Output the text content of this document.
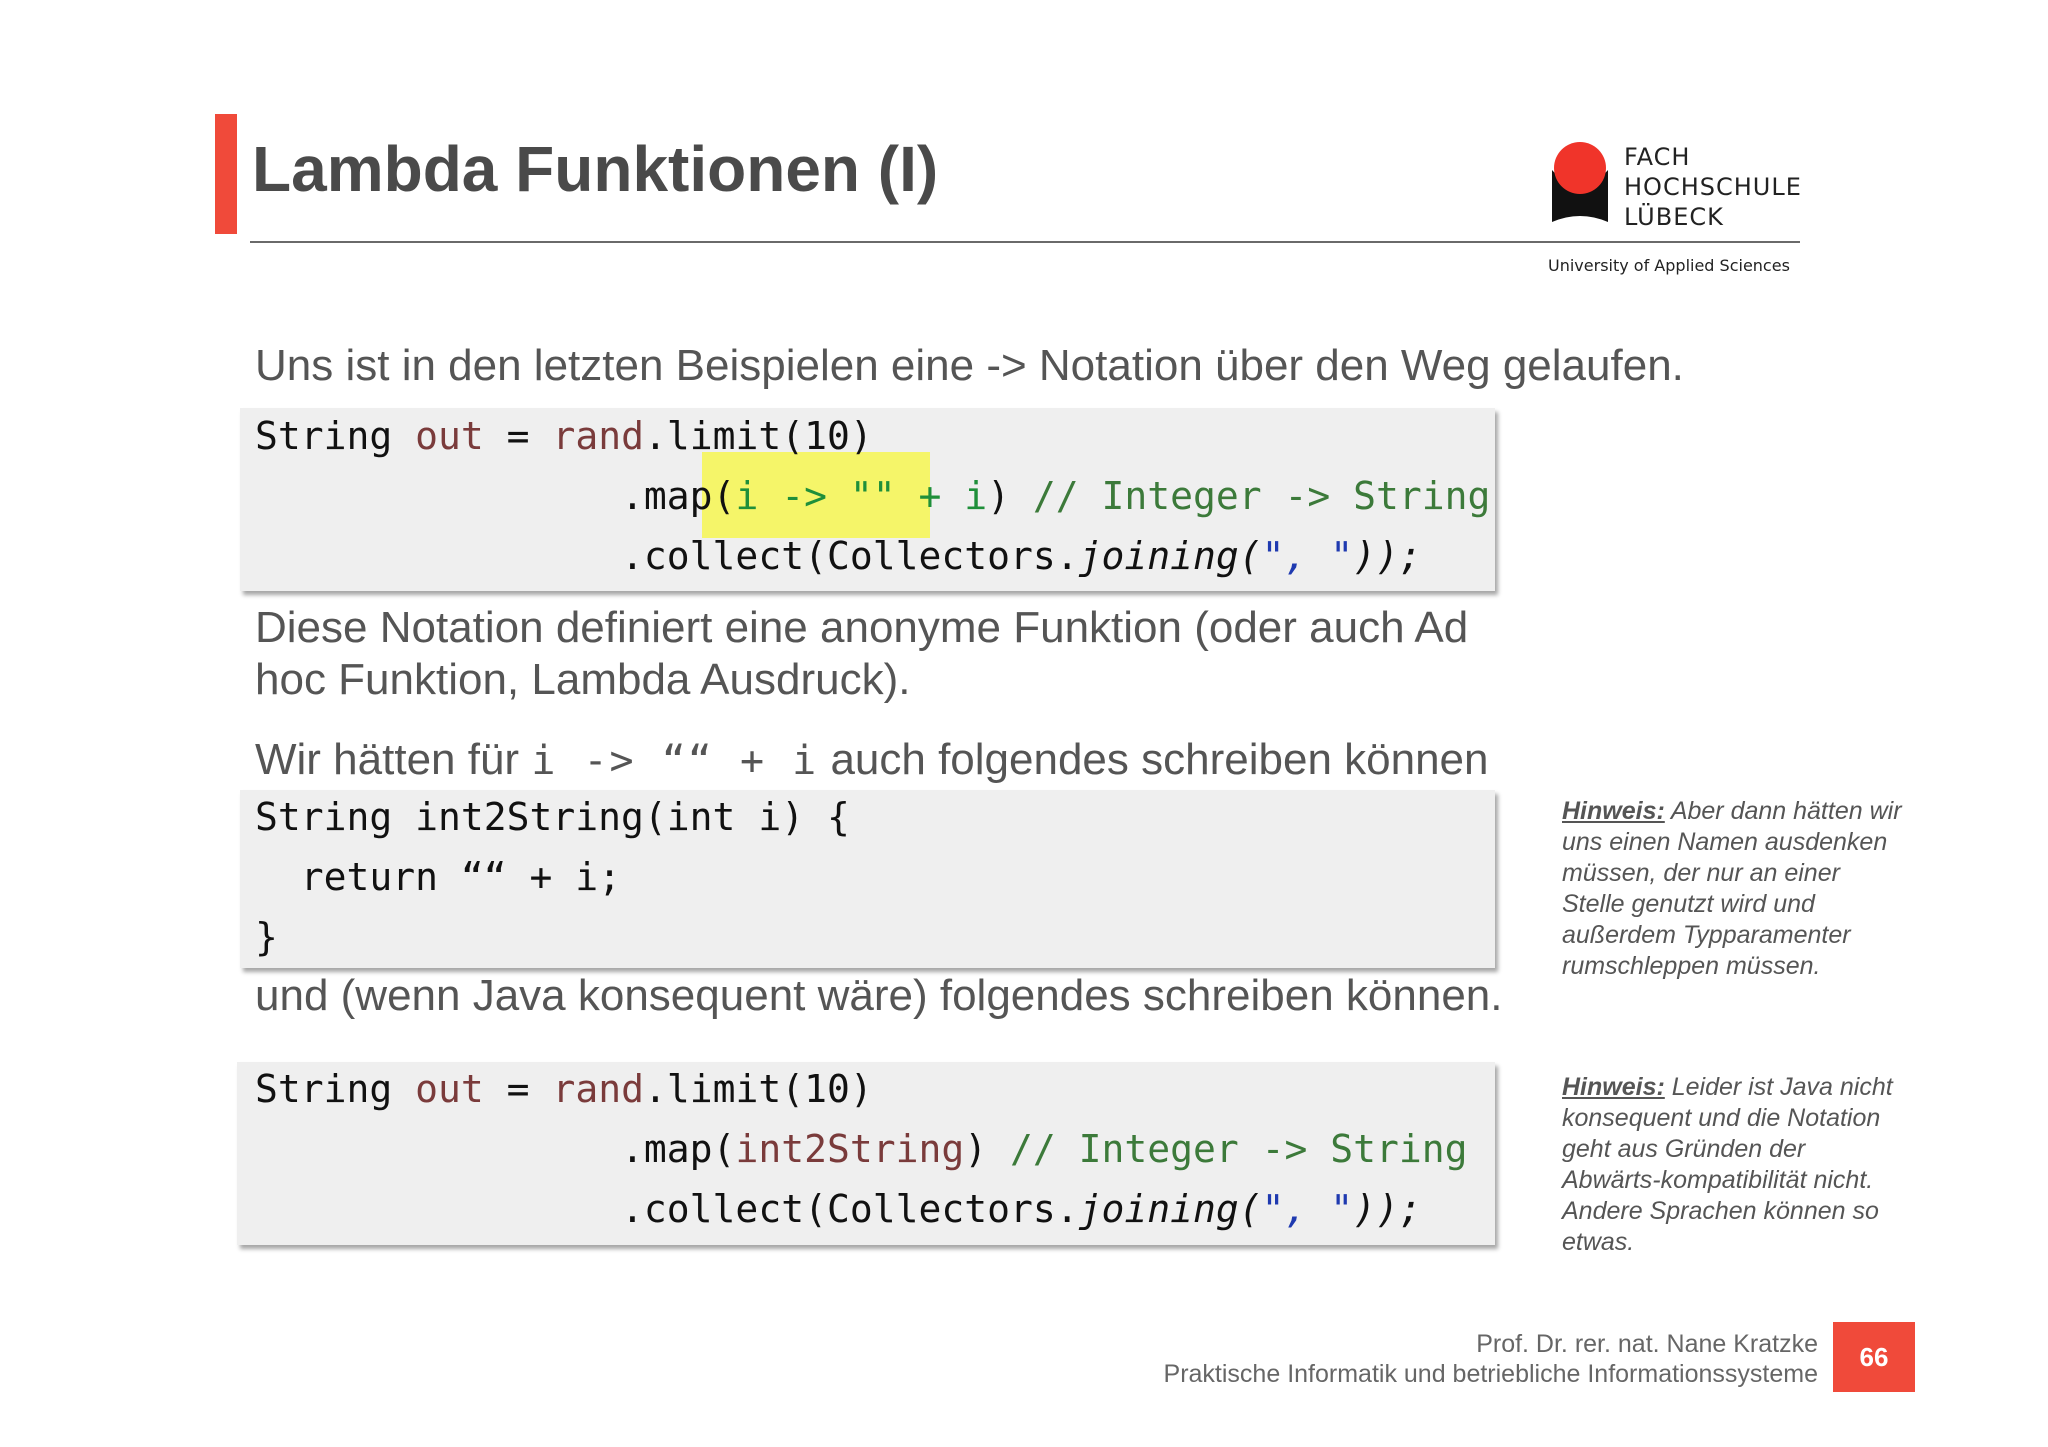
Lambda Funktionen (I)	FACH
HOCHSCHULE
LÜBECK
University of Applied Sciences
Uns ist in den letzten Beispielen eine -> Notation über den Weg gelaufen.
String out = rand.limit(10)
.map(i -> "" + i) // Integer -> String
.collect(Collectors.joining(", "));
Diese Notation definiert eine anonyme Funktion (oder auch Ad hoc Funktion, Lambda Ausdruck).
Wir hätten für i -> ““ + i auch folgendes schreiben können
String int2String(int i) {
return ““ + i;
}
und (wenn Java konsequent wäre) folgendes schreiben können.
String out = rand.limit(10)
.map(int2String) // Integer -> String
.collect(Collectors.joining(", "));
Hinweis: Aber dann hätten wir uns einen Namen ausdenken müssen, der nur an einer Stelle genutzt wird und außerdem Typparamenter rumschleppen müssen.
Hinweis: Leider ist Java nicht konsequent und die Notation geht aus Gründen der Abwärts-kompatibilität nicht. Andere Sprachen können so etwas.
Prof. Dr. rer. nat. Nane Kratzke
Praktische Informatik und betriebliche Informationssysteme
66
